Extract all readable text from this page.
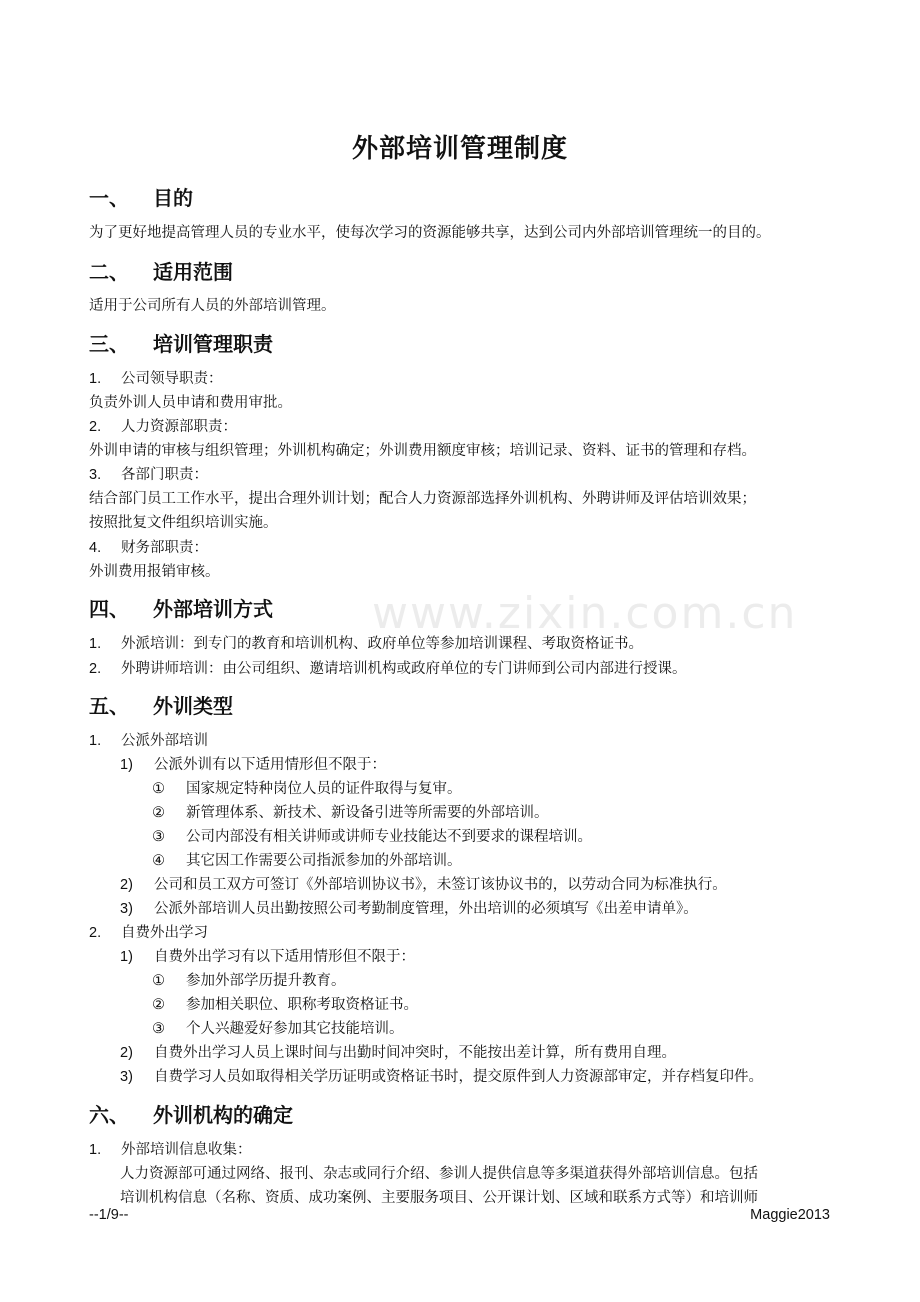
www.zixin.com.cn
外部培训管理制度
一、 目的
为了更好地提高管理人员的专业水平，使每次学习的资源能够共享，达到公司内外部培训管理统一的目的。
二、 适用范围
适用于公司所有人员的外部培训管理。
三、 培训管理职责
1. 公司领导职责：
负责外训人员申请和费用审批。
2. 人力资源部职责：
外训申请的审核与组织管理；外训机构确定；外训费用额度审核；培训记录、资料、证书的管理和存档。
3. 各部门职责：
结合部门员工工作水平，提出合理外训计划；配合人力资源部选择外训机构、外聘讲师及评估培训效果；
按照批复文件组织培训实施。
4. 财务部职责：
外训费用报销审核。
四、 外部培训方式
1. 外派培训：到专门的教育和培训机构、政府单位等参加培训课程、考取资格证书。
2. 外聘讲师培训：由公司组织、邀请培训机构或政府单位的专门讲师到公司内部进行授课。
五、 外训类型
1. 公派外部培训
1) 公派外训有以下适用情形但不限于：
① 国家规定特种岗位人员的证件取得与复审。
② 新管理体系、新技术、新设备引进等所需要的外部培训。
③ 公司内部没有相关讲师或讲师专业技能达不到要求的课程培训。
④ 其它因工作需要公司指派参加的外部培训。
2) 公司和员工双方可签订《外部培训协议书》，未签订该协议书的，以劳动合同为标准执行。
3) 公派外部培训人员出勤按照公司考勤制度管理，外出培训的必须填写《出差申请单》。
2. 自费外出学习
1) 自费外出学习有以下适用情形但不限于：
① 参加外部学历提升教育。
② 参加相关职位、职称考取资格证书。
③ 个人兴趣爱好参加其它技能培训。
2) 自费外出学习人员上课时间与出勤时间冲突时，不能按出差计算，所有费用自理。
3) 自费学习人员如取得相关学历证明或资格证书时，提交原件到人力资源部审定，并存档复印件。
六、 外训机构的确定
1. 外部培训信息收集：
人力资源部可通过网络、报刊、杂志或同行介绍、参训人提供信息等多渠道获得外部培训信息。包括
培训机构信息（名称、资质、成功案例、主要服务项目、公开课计划、区域和联系方式等）和培训师
--1/9--	Maggie2013
